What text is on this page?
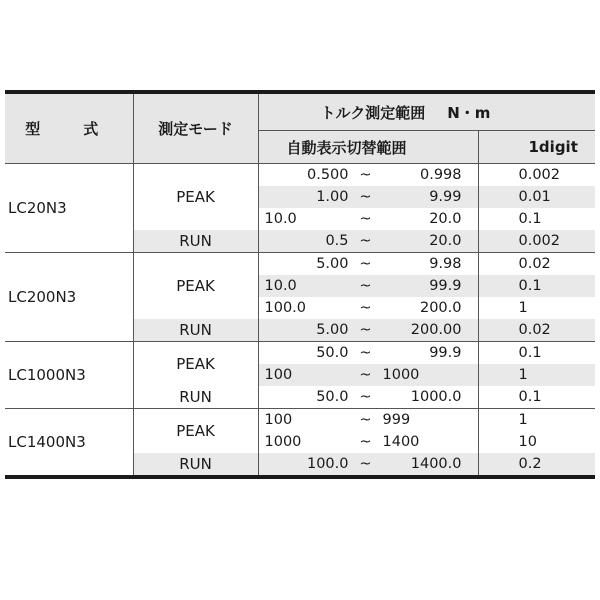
型　式	測定モード	トルク測定範囲 N・m	
		自動表示切替範囲	1digit
LC20N3	PEAK	0.500 ~ 0.998	0.002

		1.00 ~ 9.99	0.01

		10.0 ~ 20.0	0.1
	RUN	0.5 ~ 20.0	0.002
LC200N3	PEAK	5.00 ~ 9.98	0.02

		10.0 ~ 99.9	0.1

		100.0 ~ 200.0	1
	RUN	5.00 ~ 200.00	0.02
LC1000N3	PEAK	50.0 ~ 99.9	0.1

		100 ~ 1000	1
	RUN	50.0 ~ 1000.0	0.1
LC1400N3	PEAK	100 ~ 999	1

		1000 ~ 1400	10
	RUN	100.0 ~ 1400.0	0.2
